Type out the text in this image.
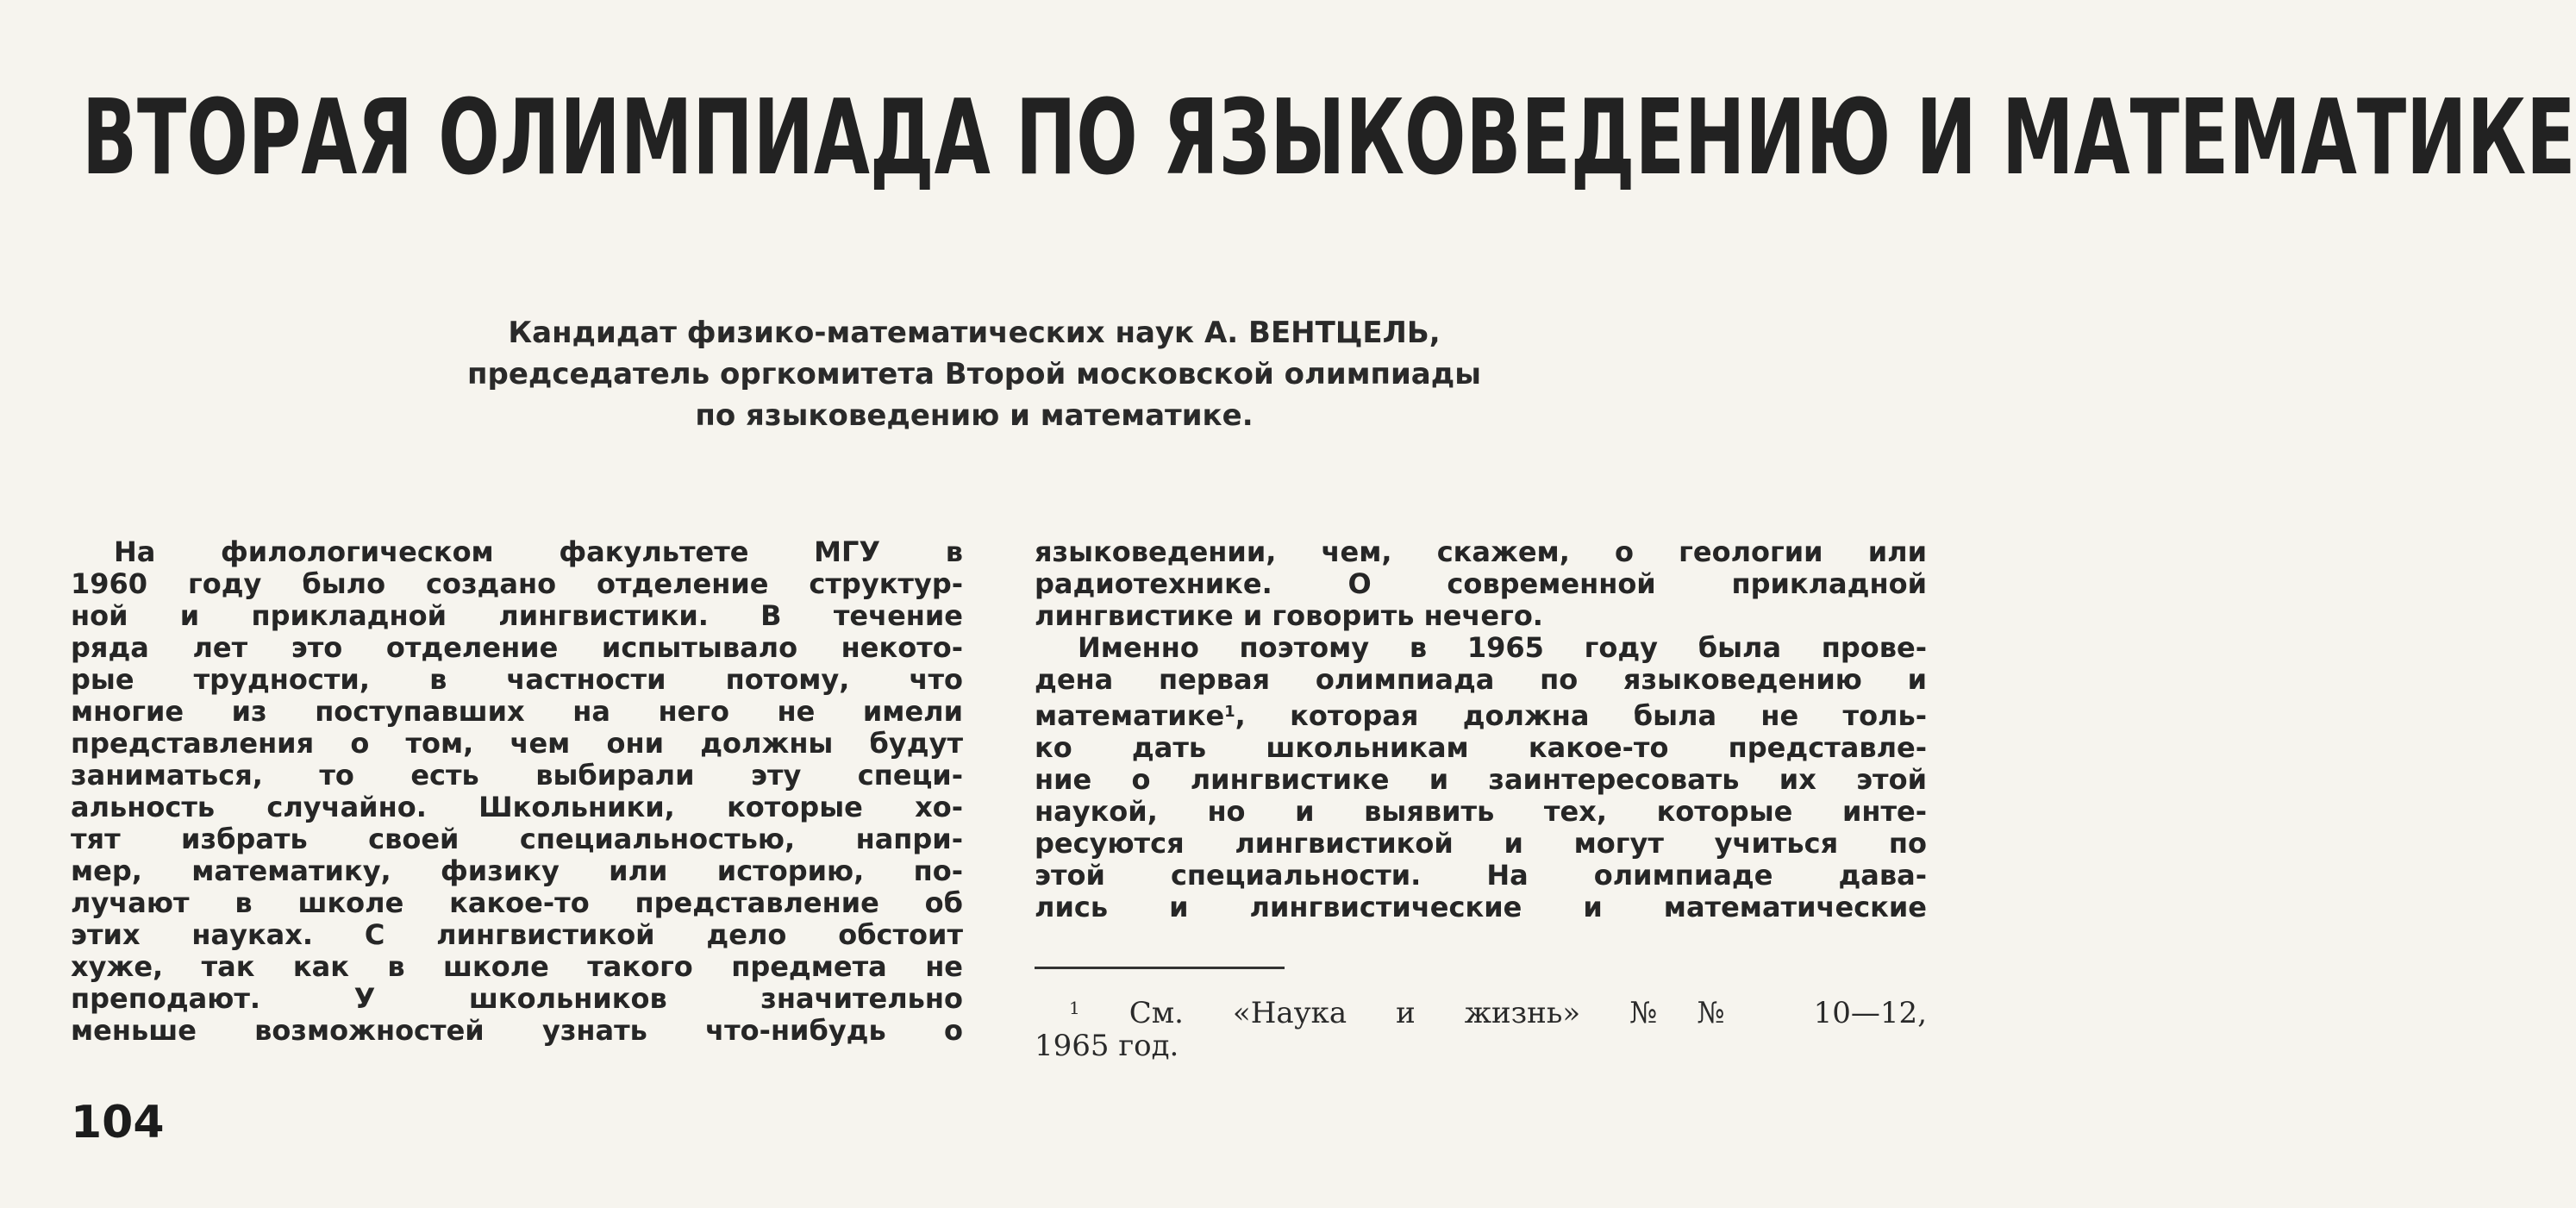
ВТОРАЯ ОЛИМПИАДА ПО ЯЗЫКОВЕДЕНИЮ И МАТЕМАТИКЕ
Кандидат физико-математических наук А. ВЕНТЦЕЛЬ,
председатель оргкомитета Второй московской олимпиады
по языковедению и математике.

На филологическом факультете МГУ в
1960 году было создано отделение структур-
ной и прикладной лингвистики. В течение
ряда лет это отделение испытывало некото-
рые трудности, в частности потому, что
многие из поступавших на него не имели
представления о том, чем они должны будут
заниматься, то есть выбирали эту специ-
альность случайно. Школьники, которые хо-
тят избрать своей специальностью, напри-
мер, математику, физику или историю, по-
лучают в школе какое-то представление об
этих науках. С лингвистикой дело обстоит
хуже, так как в школе такого предмета не
преподают. У школьников значительно
меньше возможностей узнать что-нибудь о

языковедении, чем, скажем, о геологии или
радиотехнике. О современной прикладной
лингвистике и говорить нечего.

Именно поэтому в 1965 году была прове-
дена первая олимпиада по языковедению и
математике$^1$, которая должна была не толь-
ко дать школьникам какое-то представле-
ние о лингвистике и заинтересовать их этой
наукой, но и выявить тех, которые инте-
ресуются лингвистикой и могут учиться по
этой специальности. На олимпиаде дава-
лись и лингвистические и математические

$^1$ См. «Наука и жизнь» №№ 10—12,
1965 год.
104
